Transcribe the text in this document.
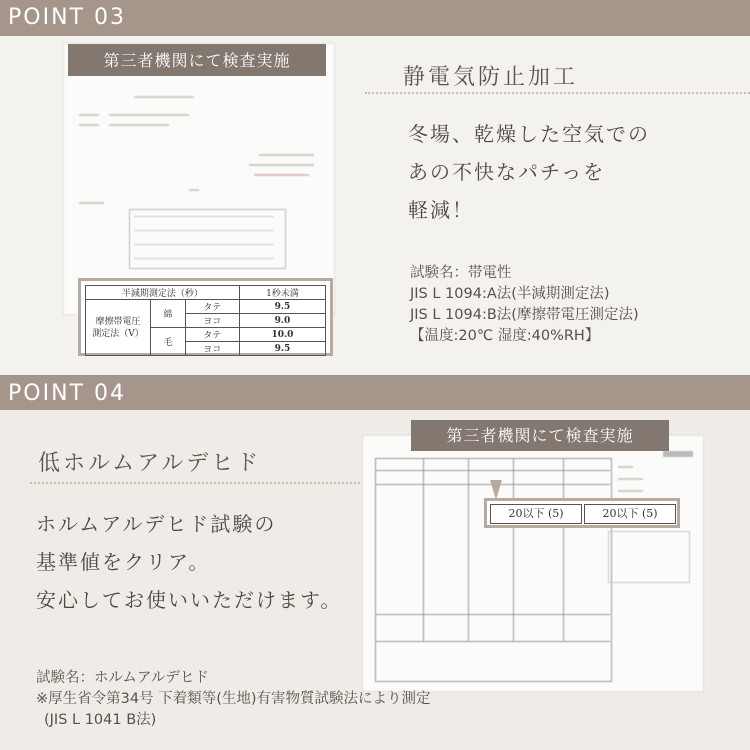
POINT 03
第三者機関にて検査実施
半減期測定法（秒）			1秒未満
摩擦帯電圧
測定法（V）	綿	タテ	9.5
		ヨコ	9.0
	毛	タテ	10.0
		ヨコ	9.5
静電気防止加工
冬場、乾燥した空気での
あの不快なパチっを
軽減！
試験名：帯電性
JIS L 1094:A法(半減期測定法)
JIS L 1094:B法(摩擦帯電圧測定法)
【温度:20℃ 湿度:40%RH】
POINT 04
低ホルムアルデヒド
ホルムアルデヒド試験の
基準値をクリア。
安心してお使いいただけます。
第三者機関にて検査実施
20以下 (5)	20以下 (5)
試験名：ホルムアルデヒド
※厚生省令第34号 下着類等(生地)有害物質試験法により測定
(JIS L 1041 B法)
